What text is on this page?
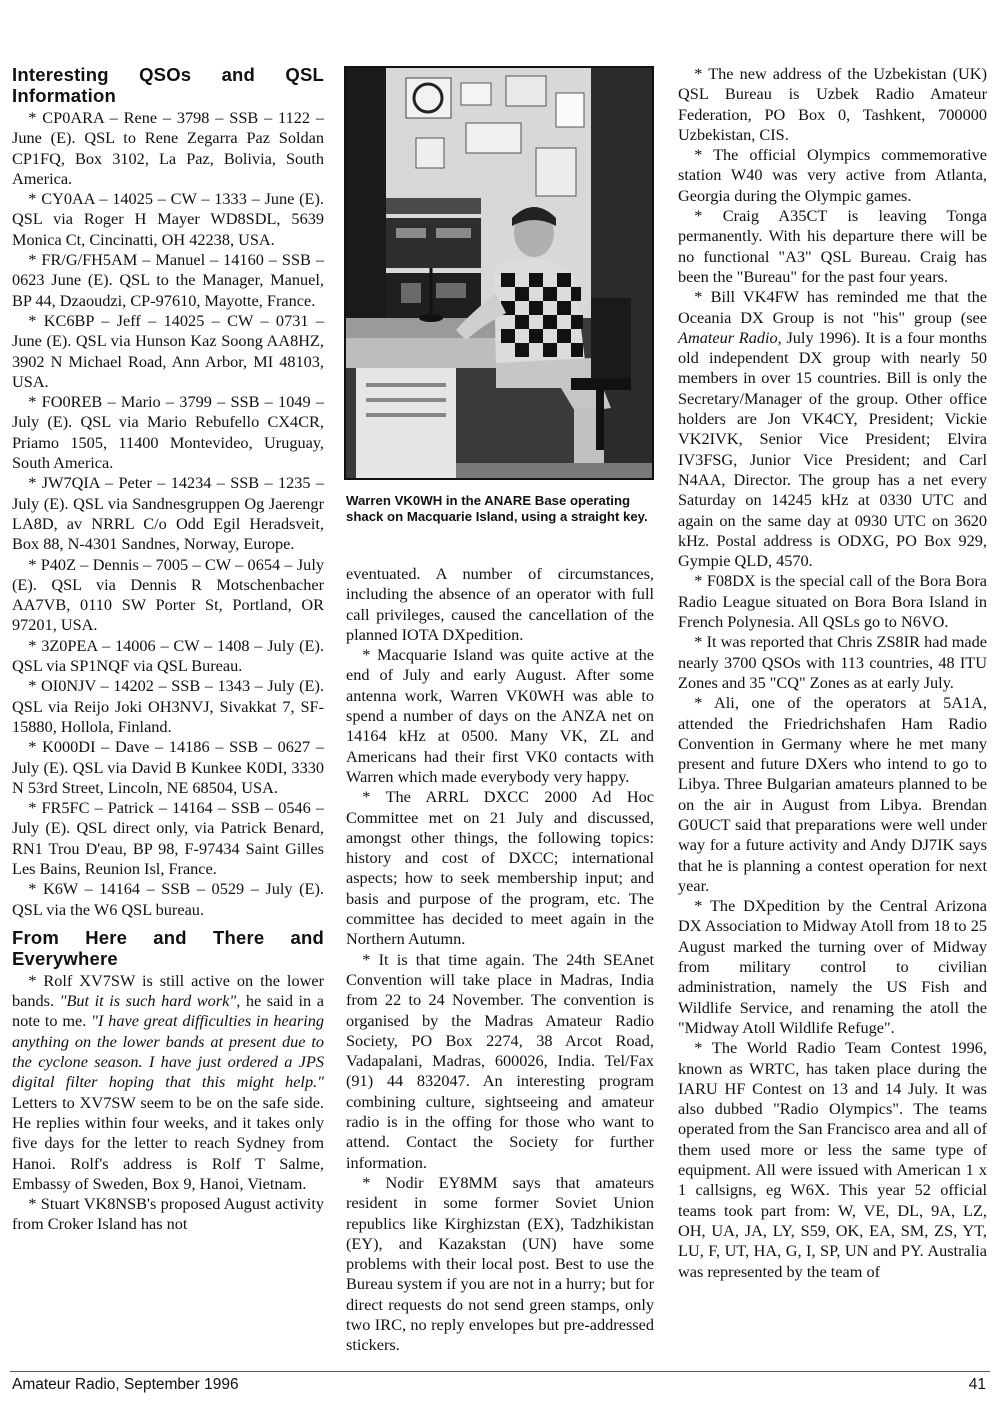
Interesting QSOs and QSL Information

* CP0ARA – Rene – 3798 – SSB – 1122 – June (E). QSL to Rene Zegarra Paz Soldan CP1FQ, Box 3102, La Paz, Bolivia, South America.

* CY0AA – 14025 – CW – 1333 – June (E). QSL via Roger H Mayer WD8SDL, 5639 Monica Ct, Cincinatti, OH 42238, USA.

* FR/G/FH5AM – Manuel – 14160 – SSB – 0623 June (E). QSL to the Manager, Manuel, BP 44, Dzaoudzi, CP-97610, Mayotte, France.

* KC6BP – Jeff – 14025 – CW – 0731 – June (E). QSL via Hunson Kaz Soong AA8HZ, 3902 N Michael Road, Ann Arbor, MI 48103, USA.

* FO0REB – Mario – 3799 – SSB – 1049 – July (E). QSL via Mario Rebufello CX4CR, Priamo 1505, 11400 Montevideo, Uruguay, South America.

* JW7QIA – Peter – 14234 – SSB – 1235 – July (E). QSL via Sandnesgruppen Og Jaerengr LA8D, av NRRL C/o Odd Egil Heradsveit, Box 88, N-4301 Sandnes, Norway, Europe.

* P40Z – Dennis – 7005 – CW – 0654 – July (E). QSL via Dennis R Motschenbacher AA7VB, 0110 SW Porter St, Portland, OR 97201, USA.

* 3Z0PEA – 14006 – CW – 1408 – July (E). QSL via SP1NQF via QSL Bureau.

* OI0NJV – 14202 – SSB – 1343 – July (E). QSL via Reijo Joki OH3NVJ, Sivakkat 7, SF-15880, Hollola, Finland.

* K000DI – Dave – 14186 – SSB – 0627 – July (E). QSL via David B Kunkee K0DI, 3330 N 53rd Street, Lincoln, NE 68504, USA.

* FR5FC – Patrick – 14164 – SSB – 0546 – July (E). QSL direct only, via Patrick Benard, RN1 Trou D'eau, BP 98, F-97434 Saint Gilles Les Bains, Reunion Isl, France.

* K6W – 14164 – SSB – 0529 – July (E). QSL via the W6 QSL bureau.

From Here and There and Everywhere

* Rolf XV7SW is still active on the lower bands. "But it is such hard work", he said in a note to me. "I have great difficulties in hearing anything on the lower bands at present due to the cyclone season. I have just ordered a JPS digital filter hoping that this might help." Letters to XV7SW seem to be on the safe side. He replies within four weeks, and it takes only five days for the letter to reach Sydney from Hanoi. Rolf's address is Rolf T Salme, Embassy of Sweden, Box 9, Hanoi, Vietnam.

* Stuart VK8NSB's proposed August activity from Croker Island has not

Warren VK0WH in the ANARE Base operating shack on Macquarie Island, using a straight key.

eventuated. A number of circumstances, including the absence of an operator with full call privileges, caused the cancellation of the planned IOTA DXpedition.

* Macquarie Island was quite active at the end of July and early August. After some antenna work, Warren VK0WH was able to spend a number of days on the ANZA net on 14164 kHz at 0500. Many VK, ZL and Americans had their first VK0 contacts with Warren which made everybody very happy.

* The ARRL DXCC 2000 Ad Hoc Committee met on 21 July and discussed, amongst other things, the following topics: history and cost of DXCC; international aspects; how to seek membership input; and basis and purpose of the program, etc. The committee has decided to meet again in the Northern Autumn.

* It is that time again. The 24th SEAnet Convention will take place in Madras, India from 22 to 24 November. The convention is organised by the Madras Amateur Radio Society, PO Box 2274, 38 Arcot Road, Vadapalani, Madras, 600026, India. Tel/Fax (91) 44 832047. An interesting program combining culture, sightseeing and amateur radio is in the offing for those who want to attend. Contact the Society for further information.

* Nodir EY8MM says that amateurs resident in some former Soviet Union republics like Kirghizstan (EX), Tadzhikistan (EY), and Kazakstan (UN) have some problems with their local post. Best to use the Bureau system if you are not in a hurry; but for direct requests do not send green stamps, only two IRC, no reply envelopes but pre-addressed stickers.

* The new address of the Uzbekistan (UK) QSL Bureau is Uzbek Radio Amateur Federation, PO Box 0, Tashkent, 700000 Uzbekistan, CIS.

* The official Olympics commemorative station W40 was very active from Atlanta, Georgia during the Olympic games.

* Craig A35CT is leaving Tonga permanently. With his departure there will be no functional "A3" QSL Bureau. Craig has been the "Bureau" for the past four years.

* Bill VK4FW has reminded me that the Oceania DX Group is not "his" group (see Amateur Radio, July 1996). It is a four months old independent DX group with nearly 50 members in over 15 countries. Bill is only the Secretary/Manager of the group. Other office holders are Jon VK4CY, President; Vickie VK2IVK, Senior Vice President; Elvira IV3FSG, Junior Vice President; and Carl N4AA, Director. The group has a net every Saturday on 14245 kHz at 0330 UTC and again on the same day at 0930 UTC on 3620 kHz. Postal address is ODXG, PO Box 929, Gympie QLD, 4570.

* F08DX is the special call of the Bora Bora Radio League situated on Bora Bora Island in French Polynesia. All QSLs go to N6VO.

* It was reported that Chris ZS8IR had made nearly 3700 QSOs with 113 countries, 48 ITU Zones and 35 "CQ" Zones as at early July.

* Ali, one of the operators at 5A1A, attended the Friedrichshafen Ham Radio Convention in Germany where he met many present and future DXers who intend to go to Libya. Three Bulgarian amateurs planned to be on the air in August from Libya. Brendan G0UCT said that preparations were well under way for a future activity and Andy DJ7IK says that he is planning a contest operation for next year.

* The DXpedition by the Central Arizona DX Association to Midway Atoll from 18 to 25 August marked the turning over of Midway from military control to civilian administration, namely the US Fish and Wildlife Service, and renaming the atoll the "Midway Atoll Wildlife Refuge".

* The World Radio Team Contest 1996, known as WRTC, has taken place during the IARU HF Contest on 13 and 14 July. It was also dubbed "Radio Olympics". The teams operated from the San Francisco area and all of them used more or less the same type of equipment. All were issued with American 1 x 1 callsigns, eg W6X. This year 52 official teams took part from: W, VE, DL, 9A, LZ, OH, UA, JA, LY, S59, OK, EA, SM, ZS, YT, LU, F, UT, HA, G, I, SP, UN and PY. Australia was represented by the team of

Amateur Radio, September 1996	41
